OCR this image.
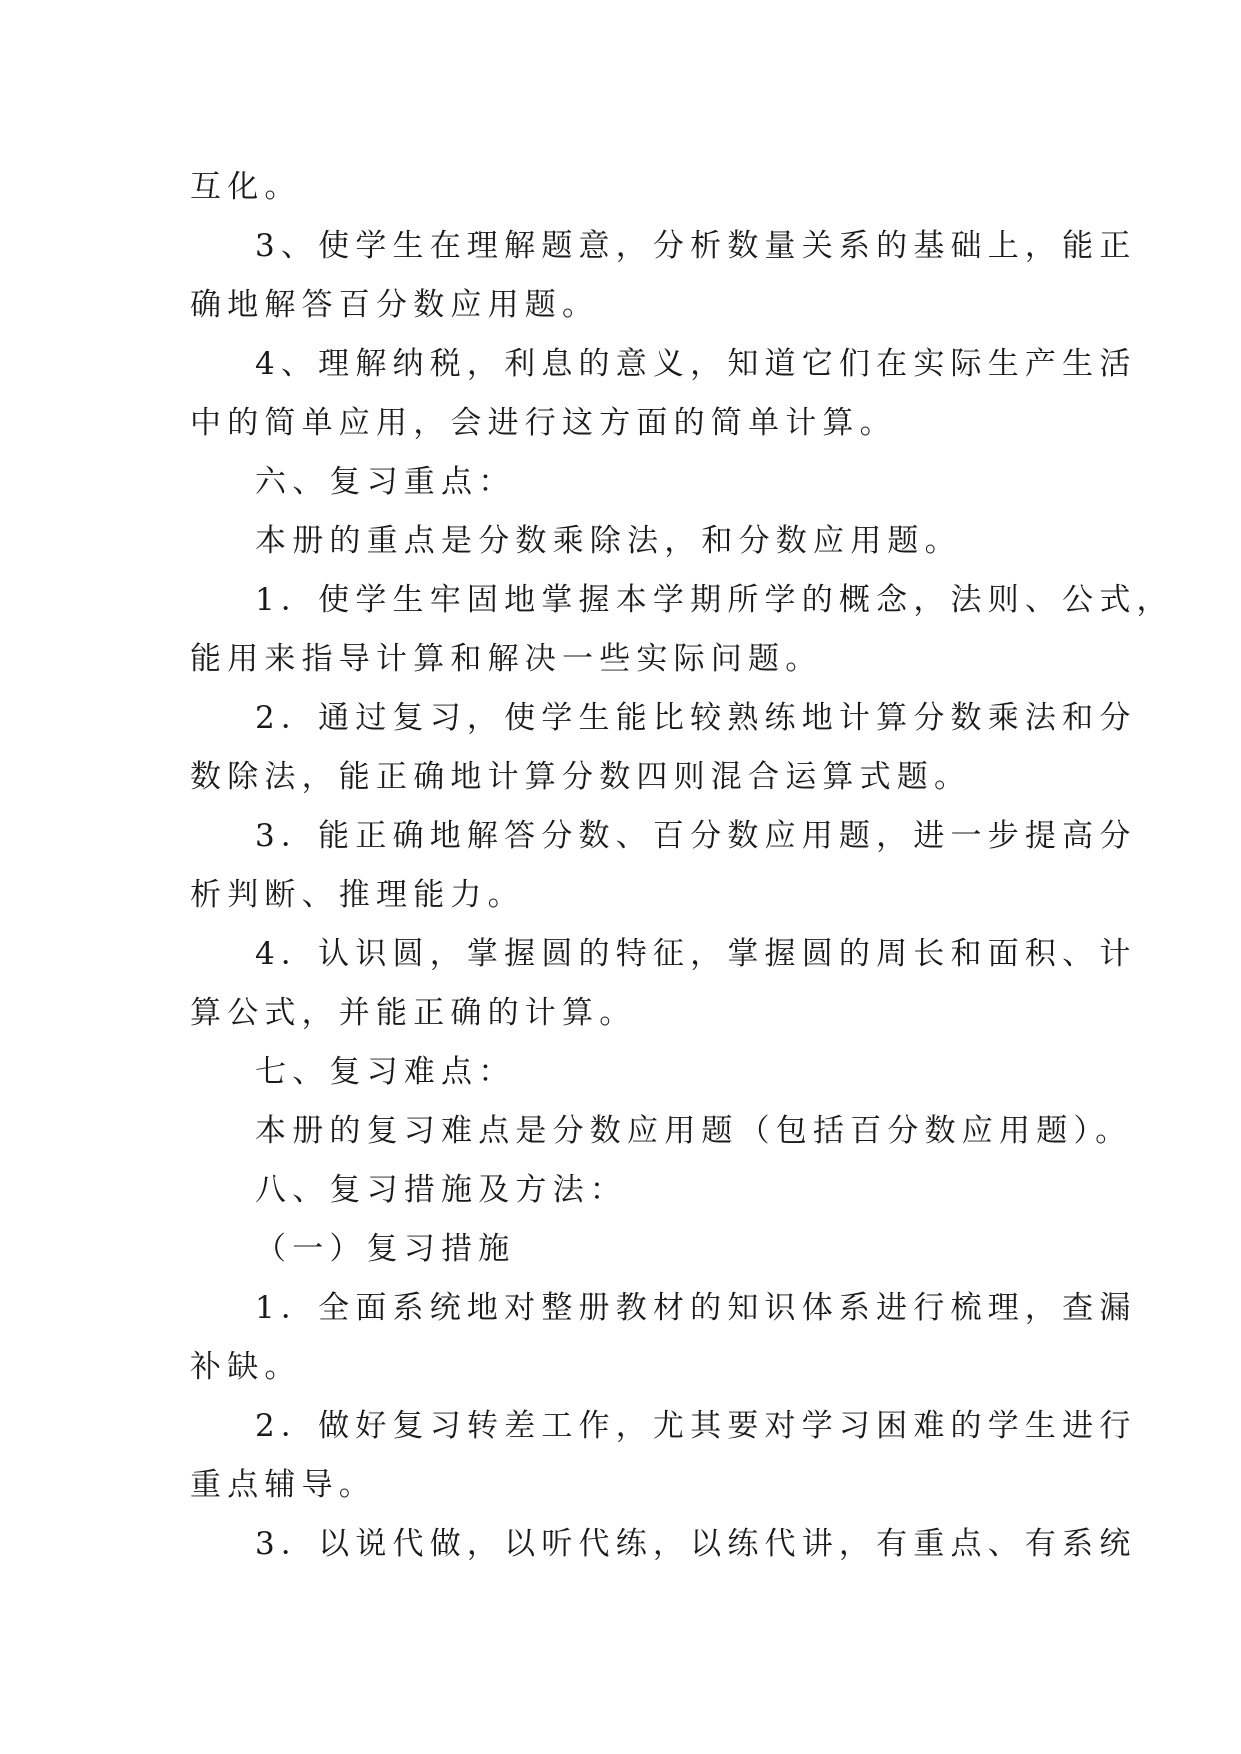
互化。

3、使学生在理解题意，分析数量关系的基础上，能正

确地解答百分数应用题。

4、理解纳税，利息的意义，知道它们在实际生产生活

中的简单应用，会进行这方面的简单计算。

六、复习重点：

本册的重点是分数乘除法，和分数应用题。

1．使学生牢固地掌握本学期所学的概念，法则、公式，

能用来指导计算和解决一些实际问题。

2．通过复习，使学生能比较熟练地计算分数乘法和分

数除法，能正确地计算分数四则混合运算式题。

3．能正确地解答分数、百分数应用题，进一步提高分

析判断、推理能力。

4．认识圆，掌握圆的特征，掌握圆的周长和面积、计

算公式，并能正确的计算。

七、复习难点：

本册的复习难点是分数应用题（包括百分数应用题）。

八、复习措施及方法：

（一）复习措施

1．全面系统地对整册教材的知识体系进行梳理，查漏

补缺。

2．做好复习转差工作，尤其要对学习困难的学生进行

重点辅导。

3．以说代做，以听代练，以练代讲，有重点、有系统
